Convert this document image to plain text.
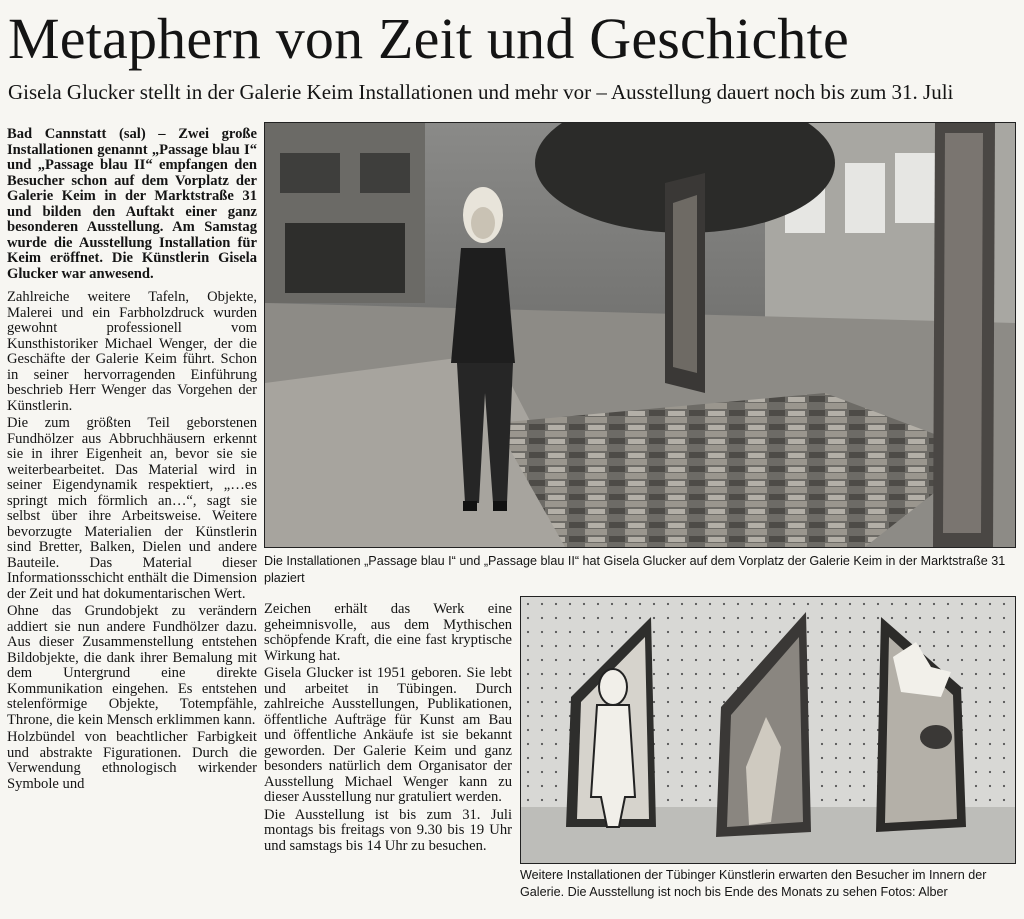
Metaphern von Zeit und Geschichte
Gisela Glucker stellt in der Galerie Keim Installationen und mehr vor – Ausstellung dauert noch bis zum 31. Juli

Bad Cannstatt (sal) – Zwei große Installationen genannt „Passage blau I“ und „Passage blau II“ empfangen den Besucher schon auf dem Vorplatz der Galerie Keim in der Marktstraße 31 und bilden den Auftakt einer ganz besonderen Ausstellung. Am Samstag wurde die Ausstellung Installation für Keim eröffnet. Die Künstlerin Gisela Glucker war anwesend.

Zahlreiche weitere Tafeln, Objekte, Malerei und ein Farbholzdruck wurden gewohnt professionell vom Kunsthistoriker Michael Wenger, der die Geschäfte der Galerie Keim führt. Schon in seiner hervorragenden Einführung beschrieb Herr Wenger das Vorgehen der Künstlerin.

Die zum größten Teil geborstenen Fundhölzer aus Abbruchhäusern erkennt sie in ihrer Eigenheit an, bevor sie sie weiterbearbeitet. Das Material wird in seiner Eigendynamik respektiert, „…es springt mich förmlich an…“, sagt sie selbst über ihre Arbeitsweise. Weitere bevorzugte Materialien der Künstlerin sind Bretter, Balken, Dielen und andere Bauteile. Das Material dieser Informationsschicht enthält die Dimension der Zeit und hat dokumentarischen Wert.

Ohne das Grundobjekt zu verändern addiert sie nun andere Fundhölzer dazu. Aus dieser Zusammenstellung entstehen Bildobjekte, die dank ihrer Bemalung mit dem Untergrund eine direkte Kommunikation eingehen. Es entstehen stelenförmige Objekte, Totempfähle, Throne, die kein Mensch erklimmen kann.

Holzbündel von beachtlicher Farbigkeit und abstrakte Figurationen. Durch die Verwendung ethnologisch wirkender Symbole und

Die Installationen „Passage blau I“ und „Passage blau II“ hat Gisela Glucker auf dem Vorplatz der Galerie Keim in der Marktstraße 31 plaziert

Zeichen erhält das Werk eine geheimnisvolle, aus dem Mythischen schöpfende Kraft, die eine fast kryptische Wirkung hat.

Gisela Glucker ist 1951 geboren. Sie lebt und arbeitet in Tübingen. Durch zahlreiche Ausstellungen, Publikationen, öffentliche Aufträge für Kunst am Bau und öffentliche Ankäufe ist sie bekannt geworden. Der Galerie Keim und ganz besonders natürlich dem Organisator der Ausstellung Michael Wenger kann zu dieser Ausstellung nur gratuliert werden.

Die Ausstellung ist bis zum 31. Juli montags bis freitags von 9.30 bis 19 Uhr und samstags bis 14 Uhr zu besuchen.

Weitere Installationen der Tübinger Künstlerin erwarten den Besucher im Innern der Galerie. Die Ausstellung ist noch bis Ende des Monats zu sehen Fotos: Alber
